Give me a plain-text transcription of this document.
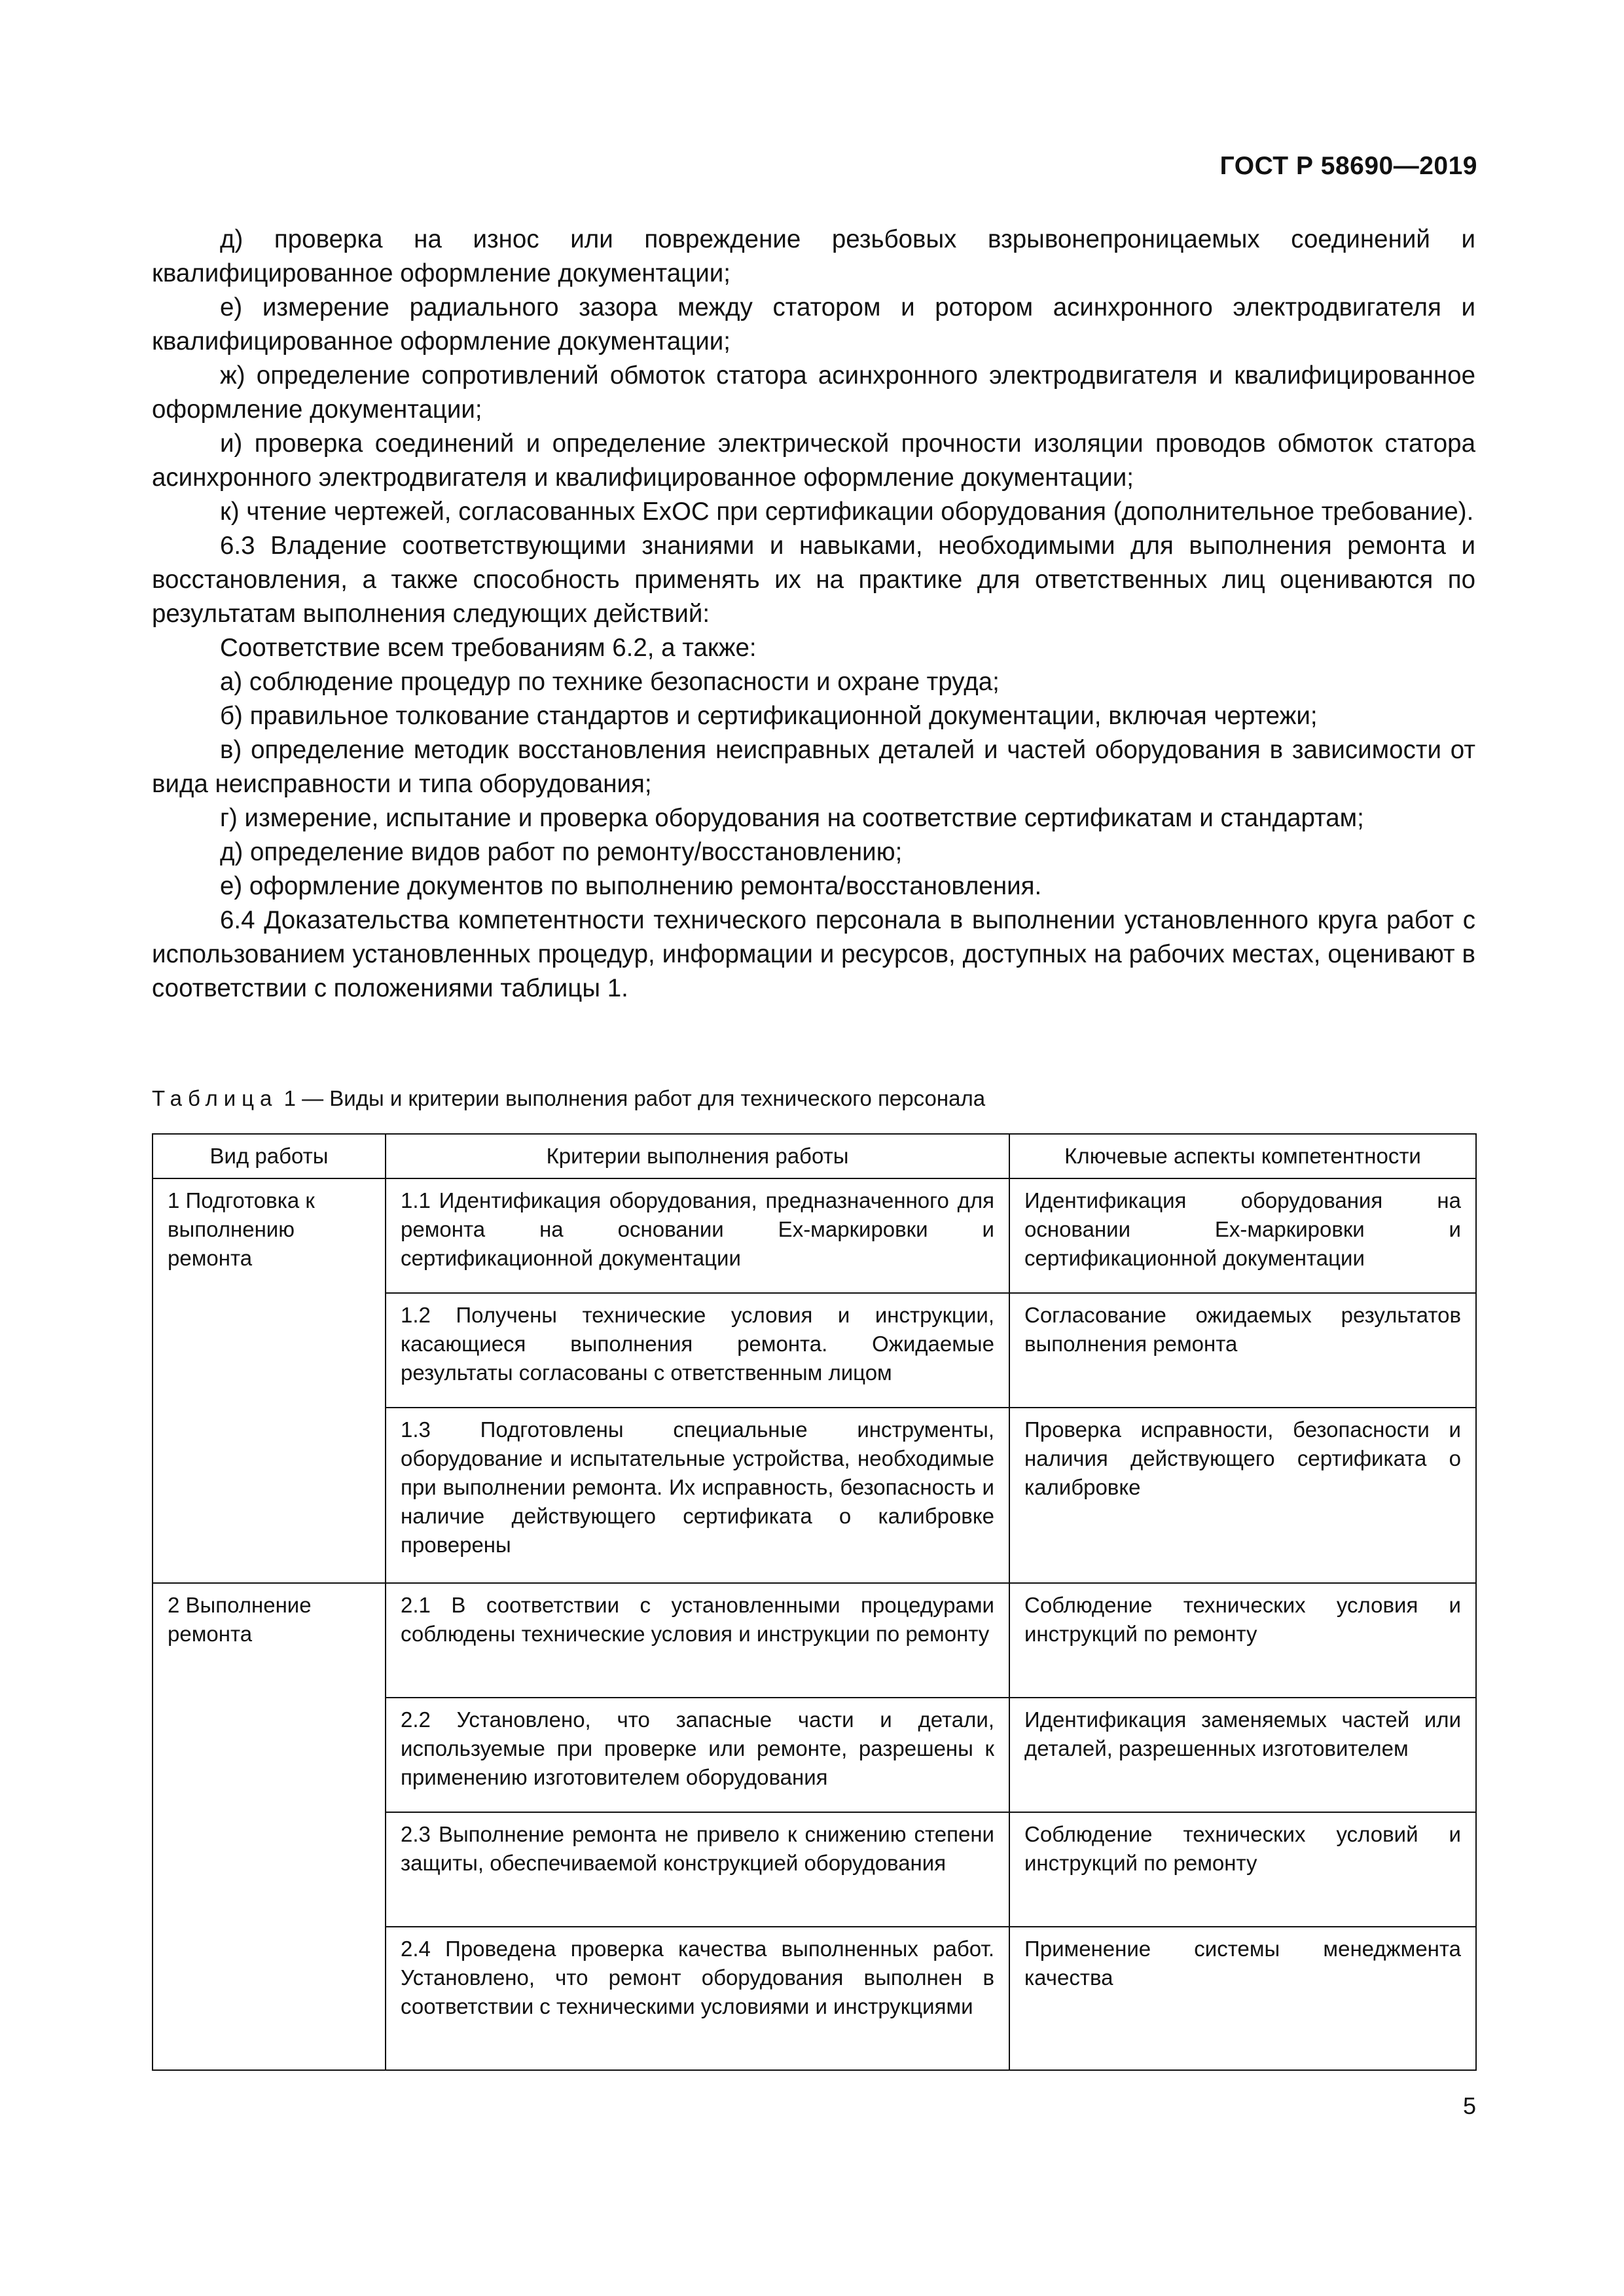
ГОСТ Р 58690—2019

д) проверка на износ или повреждение резьбовых взрывонепроницаемых соединений и квалифицированное оформление документации;

е) измерение радиального зазора между статором и ротором асинхронного электродвигателя и квалифицированное оформление документации;

ж) определение сопротивлений обмоток статора асинхронного электродвигателя и квалифицированное оформление документации;

и) проверка соединений и определение электрической прочности изоляции проводов обмоток статора асинхронного электродвигателя и квалифицированное оформление документации;

к) чтение чертежей, согласованных ExOC при сертификации оборудования (дополнительное требование).

6.3 Владение соответствующими знаниями и навыками, необходимыми для выполнения ремонта и восстановления, а также способность применять их на практике для ответственных лиц оцениваются по результатам выполнения следующих действий:

Соответствие всем требованиям 6.2, а также:

а) соблюдение процедур по технике безопасности и охране труда;

б) правильное толкование стандартов и сертификационной документации, включая чертежи;

в) определение методик восстановления неисправных деталей и частей оборудования в зависимости от вида неисправности и типа оборудования;

г) измерение, испытание и проверка оборудования на соответствие сертификатам и стандартам;

д) определение видов работ по ремонту/восстановлению;

е) оформление документов по выполнению ремонта/восстановления.

6.4 Доказательства компетентности технического персонала в выполнении установленного круга работ с использованием установленных процедур, информации и ресурсов, доступных на рабочих местах, оценивают в соответствии с положениями таблицы 1.

Таблица 1 — Виды и критерии выполнения работ для технического персонала
Вид работы	Критерии выполнения работы	Ключевые аспекты компетентности
1 Подготовка к выполнению ремонта	1.1 Идентификация оборудования, предназначенного для ремонта на основании Ex-маркировки и сертификационной документации	Идентификация оборудования на основании Ex-маркировки и сертификационной документации
	1.2 Получены технические условия и инструкции, касающиеся выполнения ремонта. Ожидаемые результаты согласованы с ответственным лицом	Согласование ожидаемых результатов выполнения ремонта
	1.3 Подготовлены специальные инструменты, оборудование и испытательные устройства, необходимые при выполнении ремонта. Их исправность, безопасность и наличие действующего сертификата о калибровке проверены	Проверка исправности, безопасности и наличия действующего сертификата о калибровке
2 Выполнение ремонта	2.1 В соответствии с установленными процедурами соблюдены технические условия и инструкции по ремонту	Соблюдение технических условия и инструкций по ремонту
	2.2 Установлено, что запасные части и детали, используемые при проверке или ремонте, разрешены к применению изготовителем оборудования	Идентификация заменяемых частей или деталей, разрешенных изготовителем
	2.3 Выполнение ремонта не привело к снижению степени защиты, обеспечиваемой конструкцией оборудования	Соблюдение технических условий и инструкций по ремонту
	2.4 Проведена проверка качества выполненных работ. Установлено, что ремонт оборудования выполнен в соответствии с техническими условиями и инструкциями	Применение системы менеджмента качества
5
